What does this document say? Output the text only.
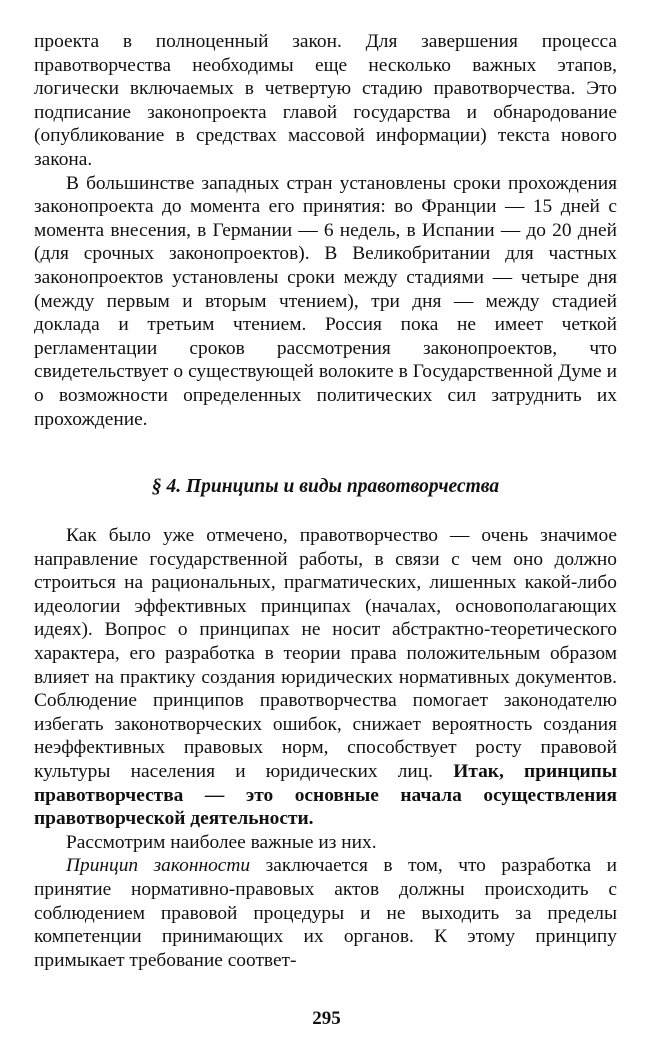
проекта в полноценный закон. Для завершения процесса правотворчества необходимы еще несколько важных этапов, логически включаемых в четвертую стадию правотворчества. Это подписание законопроекта главой государства и обнародование (опубликование в средствах массовой информации) текста нового закона.

В большинстве западных стран установлены сроки прохождения законопроекта до момента его принятия: во Франции — 15 дней с момента внесения, в Германии — 6 недель, в Испании — до 20 дней (для срочных законопроектов). В Великобритании для частных законопроектов установлены сроки между стадиями — четыре дня (между первым и вторым чтением), три дня — между стадией доклада и третьим чтением. Россия пока не имеет четкой регламентации сроков рассмотрения законопроектов, что свидетельствует о существующей волоките в Государственной Думе и о возможности определенных политических сил затруднить их прохождение.

§ 4. Принципы и виды правотворчества

Как было уже отмечено, правотворчество — очень значимое направление государственной работы, в связи с чем оно должно строиться на рациональных, прагматических, лишенных какой-либо идеологии эффективных принципах (началах, основополагающих идеях). Вопрос о принципах не носит абстрактно-теоретического характера, его разработка в теории права положительным образом влияет на практику создания юридических нормативных документов. Соблюдение принципов правотворчества помогает законодателю избегать законотворческих ошибок, снижает вероятность создания неэффективных правовых норм, способствует росту правовой культуры населения и юридических лиц. Итак, принципы правотворчества — это основные начала осуществления правотворческой деятельности.

Рассмотрим наиболее важные из них.

Принцип законности заключается в том, что разработка и принятие нормативно-правовых актов должны происходить с соблюдением правовой процедуры и не выходить за пределы компетенции принимающих их органов. К этому принципу примыкает требование соответ-

295
